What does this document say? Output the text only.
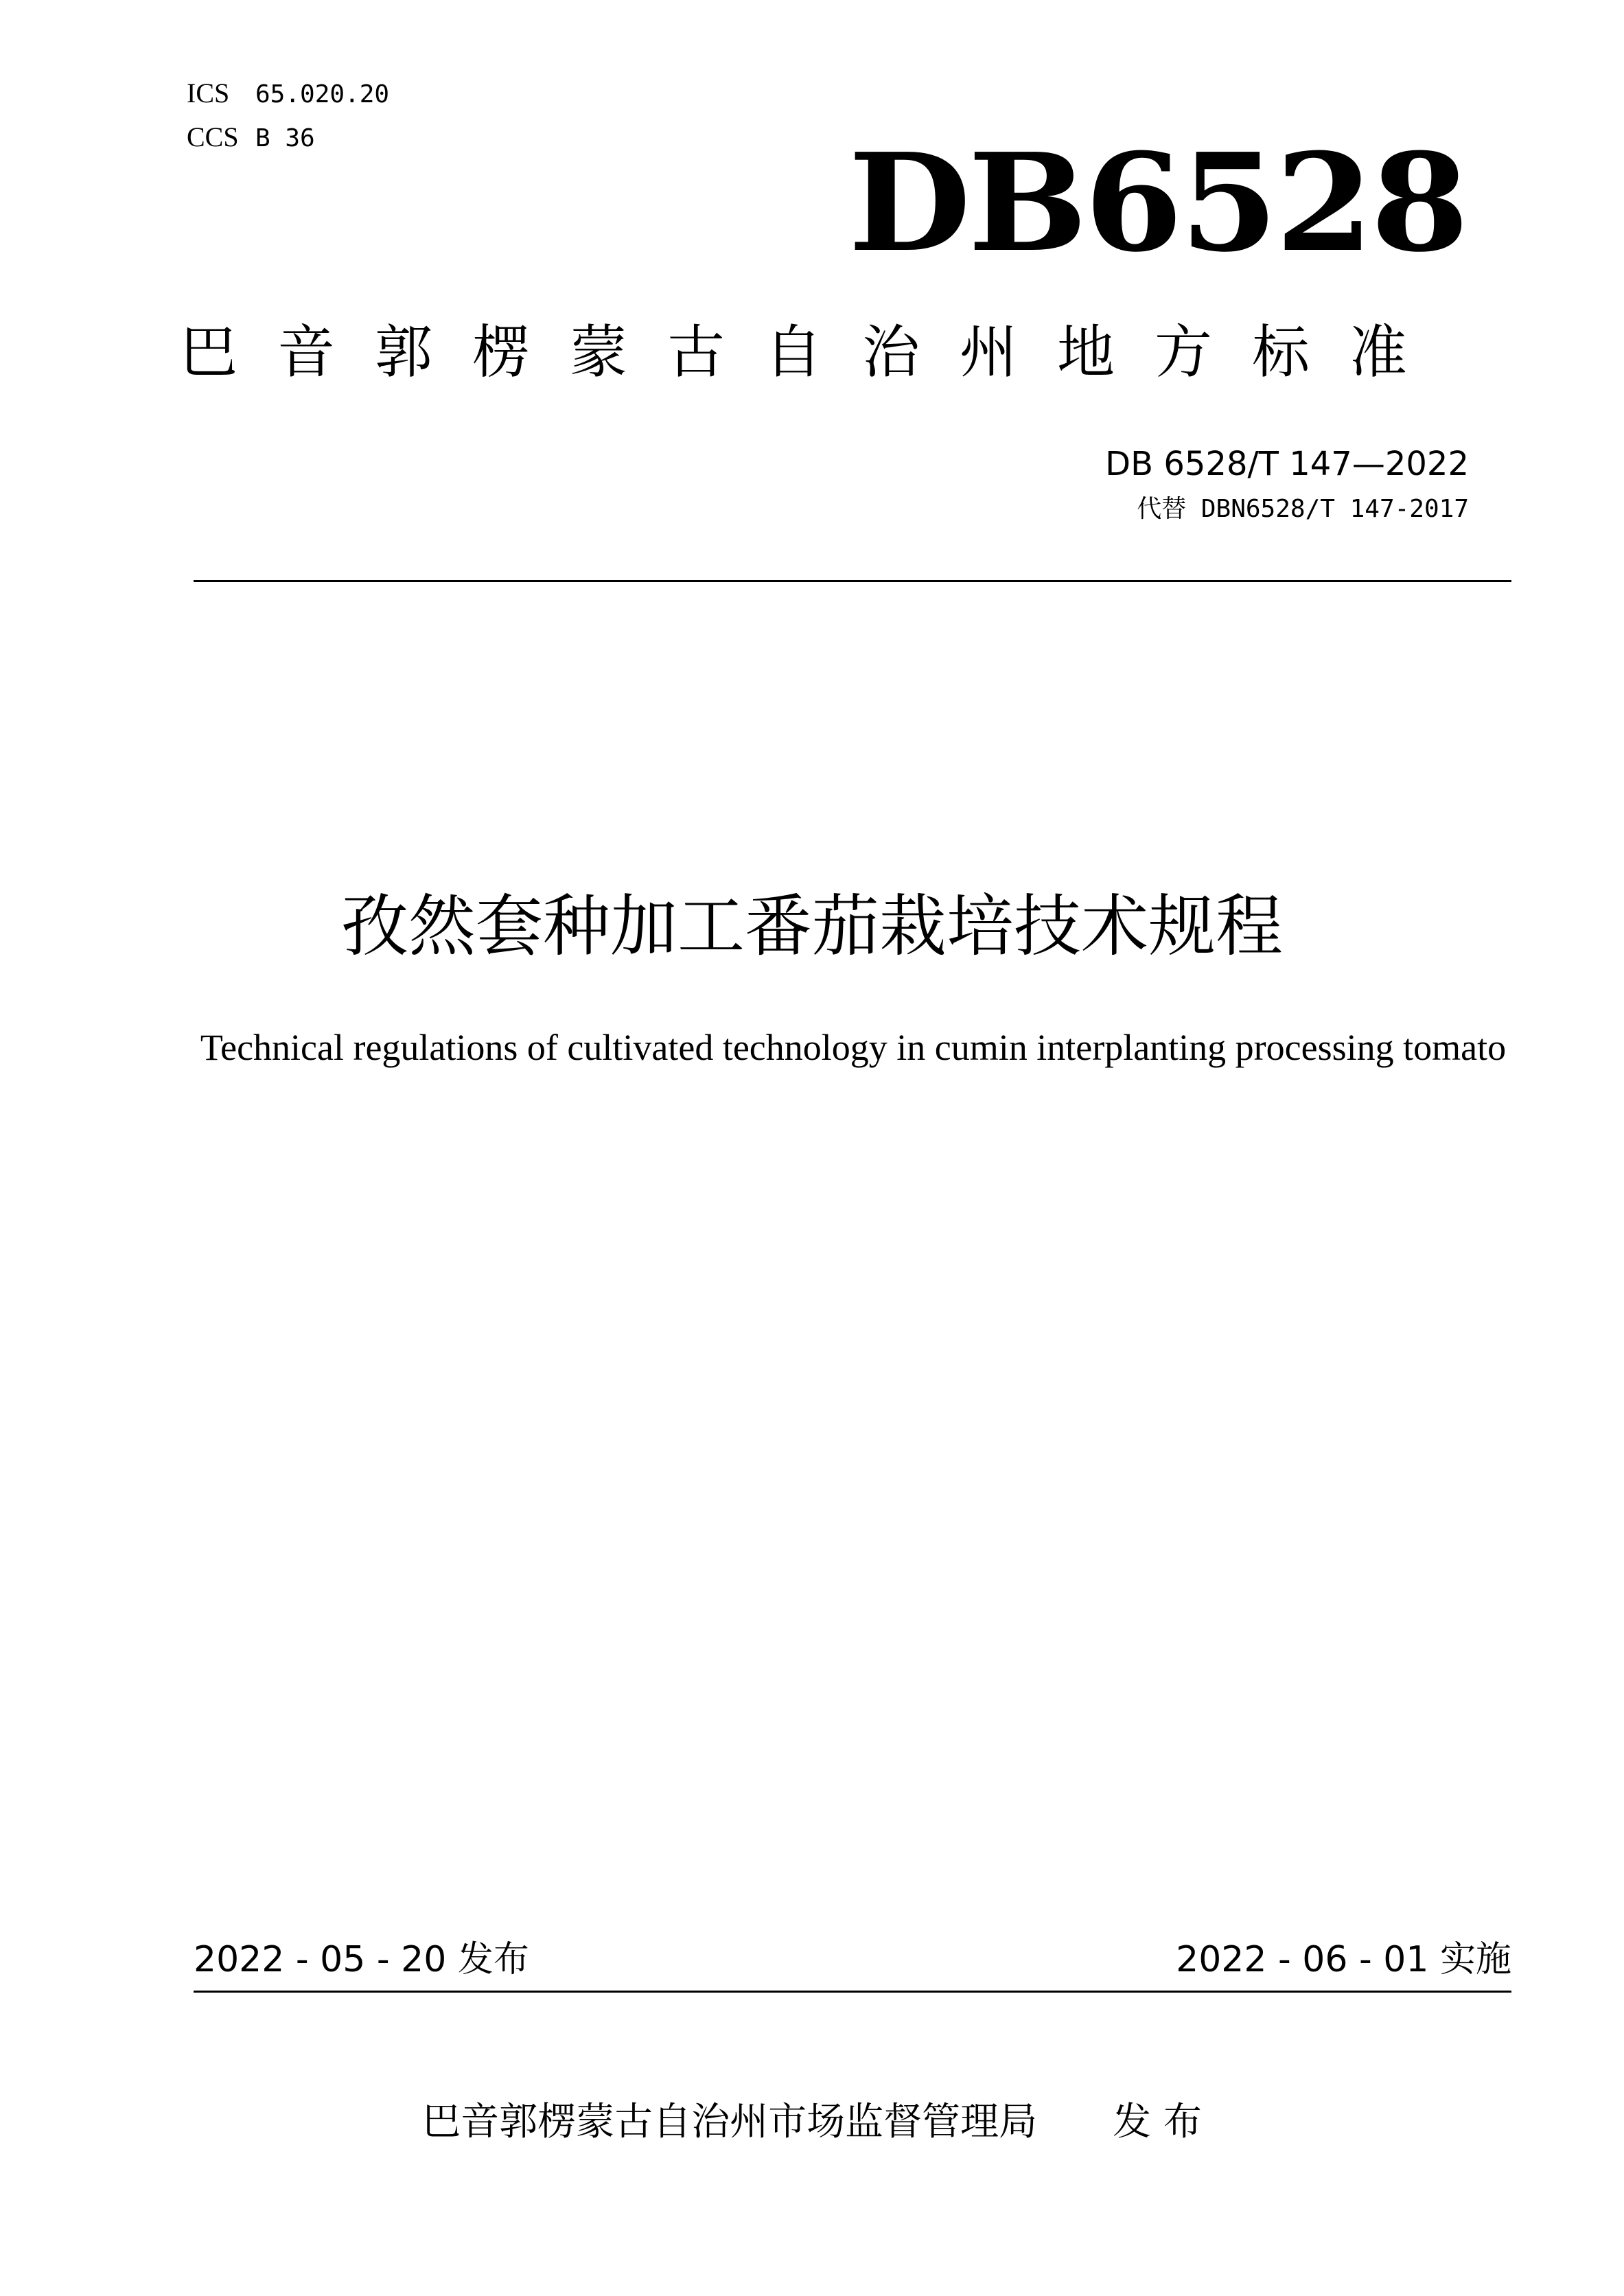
ICS 65.020.20
CCS B 36	DB6528
巴音郭楞蒙古自治州地方标准
DB 6528/T 147—2022
代替 DBN6528/T 147-2017
孜然套种加工番茄栽培技术规程
Technical regulations of cultivated technology in cumin interplanting processing tomato
2022 - 05 - 20 发布	2022 - 06 - 01 实施
巴音郭楞蒙古自治州市场监督管理局 发 布
